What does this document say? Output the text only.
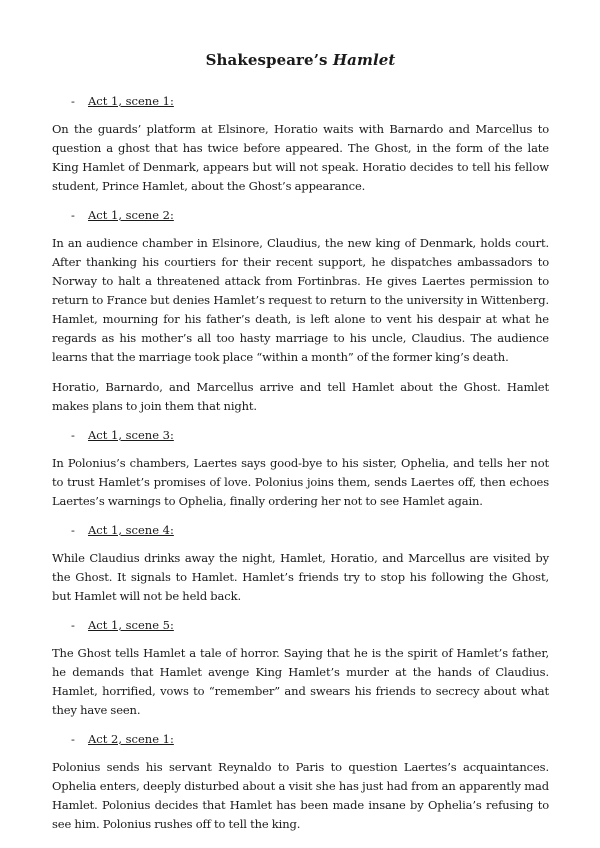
Shakespeare’s Hamlet
- Act 1, scene 1:

On the guards’ platform at Elsinore, Horatio waits with Barnardo and Marcellus to question a ghost that has twice before appeared. The Ghost, in the form of the late King Hamlet of Denmark, appears but will not speak. Horatio decides to tell his fellow student, Prince Hamlet, about the Ghost’s appearance.

- Act 1, scene 2:

In an audience chamber in Elsinore, Claudius, the new king of Denmark, holds court. After thanking his courtiers for their recent support, he dispatches ambassadors to Norway to halt a threatened attack from Fortinbras. He gives Laertes permission to return to France but denies Hamlet’s request to return to the university in Wittenberg. Hamlet, mourning for his father’s death, is left alone to vent his despair at what he regards as his mother’s all too hasty marriage to his uncle, Claudius. The audience learns that the marriage took place “within a month” of the former king’s death.

Horatio, Barnardo, and Marcellus arrive and tell Hamlet about the Ghost. Hamlet makes plans to join them that night.

- Act 1, scene 3:

In Polonius’s chambers, Laertes says good-bye to his sister, Ophelia, and tells her not to trust Hamlet’s promises of love. Polonius joins them, sends Laertes off, then echoes Laertes’s warnings to Ophelia, finally ordering her not to see Hamlet again.

- Act 1, scene 4:

While Claudius drinks away the night, Hamlet, Horatio, and Marcellus are visited by the Ghost. It signals to Hamlet. Hamlet’s friends try to stop his following the Ghost, but Hamlet will not be held back.

- Act 1, scene 5:

The Ghost tells Hamlet a tale of horror. Saying that he is the spirit of Hamlet’s father, he demands that Hamlet avenge King Hamlet’s murder at the hands of Claudius. Hamlet, horrified, vows to “remember” and swears his friends to secrecy about what they have seen.

- Act 2, scene 1:

Polonius sends his servant Reynaldo to Paris to question Laertes’s acquaintances. Ophelia enters, deeply disturbed about a visit she has just had from an apparently mad Hamlet. Polonius decides that Hamlet has been made insane by Ophelia’s refusing to see him. Polonius rushes off to tell the king.
